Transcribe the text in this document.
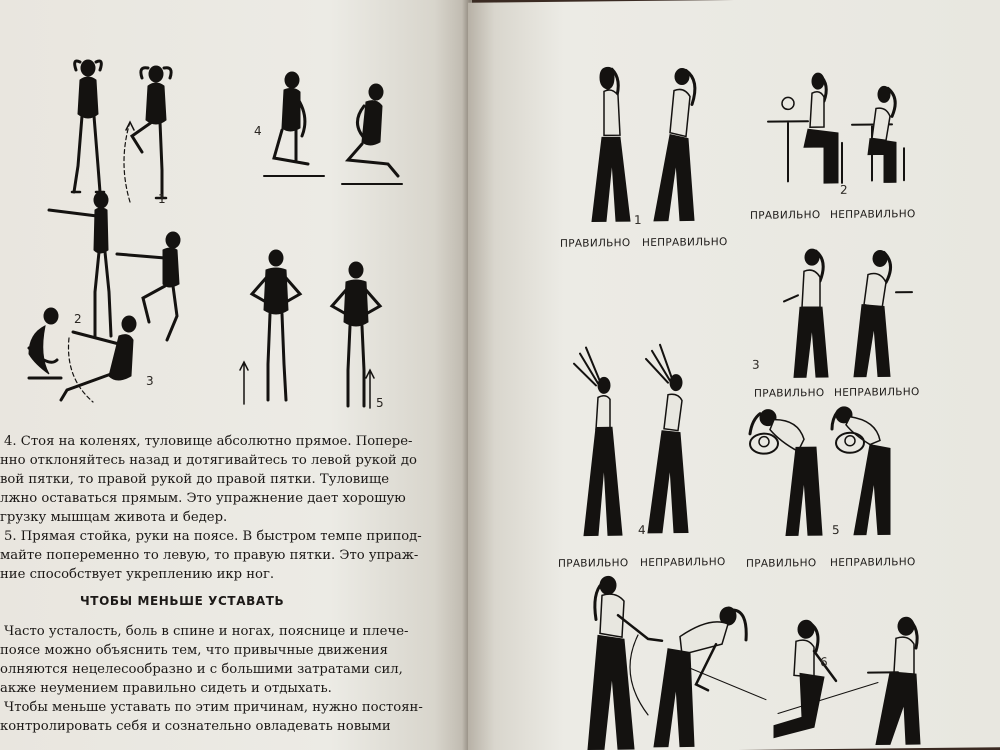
1
2
3
4
5

4. Стоя на коленях, туловище абсолютно прямое. Попере-

нно отклоняйтесь назад и дотягивайтесь то левой рукой до

вой пятки, то правой рукой до правой пятки. Туловище

лжно оставаться прямым. Это упражнение дает хорошую

грузку мышцам живота и бедер.

5. Прямая стойка, руки на поясе. В быстром темпе припод-

майте попеременно то левую, то правую пятки. Это упраж-

ние способствует укреплению икр ног.

ЧТОБЫ МЕНЬШЕ УСТАВАТЬ

Часто усталость, боль в спине и ногах, пояснице и плече-

поясе можно объяснить тем, что привычные движения

олняются нецелесообразно и с большими затратами сил,

акже неумением правильно сидеть и отдыхать.

Чтобы меньше уставать по этим причинам, нужно постоян-

контролировать себя и сознательно овладевать новыми

1
ПРАВИЛЬНО НЕПРАВИЛЬНО
2
ПРАВИЛЬНО НЕПРАВИЛЬНО
3
ПРАВИЛЬНО НЕПРАВИЛЬНО
4
ПРАВИЛЬНО НЕПРАВИЛЬНО
5
ПРАВИЛЬНО НЕПРАВИЛЬНО
6
